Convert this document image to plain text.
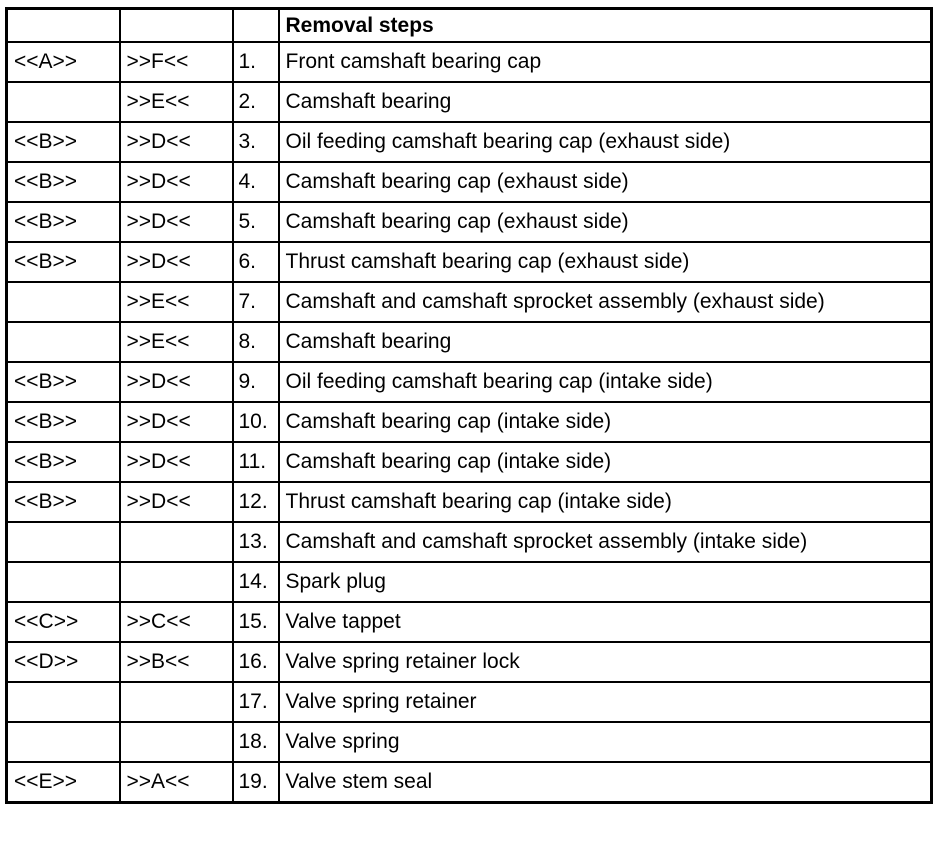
			Removal steps
<<A>>	>>F<<	1.	Front camshaft bearing cap
	>>E<<	2.	Camshaft bearing
<<B>>	>>D<<	3.	Oil feeding camshaft bearing cap (exhaust side)
<<B>>	>>D<<	4.	Camshaft bearing cap (exhaust side)
<<B>>	>>D<<	5.	Camshaft bearing cap (exhaust side)
<<B>>	>>D<<	6.	Thrust camshaft bearing cap (exhaust side)
	>>E<<	7.	Camshaft and camshaft sprocket assembly (exhaust side)
	>>E<<	8.	Camshaft bearing
<<B>>	>>D<<	9.	Oil feeding camshaft bearing cap (intake side)
<<B>>	>>D<<	10.	Camshaft bearing cap (intake side)
<<B>>	>>D<<	11.	Camshaft bearing cap (intake side)
<<B>>	>>D<<	12.	Thrust camshaft bearing cap (intake side)
		13.	Camshaft and camshaft sprocket assembly (intake side)
		14.	Spark plug
<<C>>	>>C<<	15.	Valve tappet
<<D>>	>>B<<	16.	Valve spring retainer lock
		17.	Valve spring retainer
		18.	Valve spring
<<E>>	>>A<<	19.	Valve stem seal
